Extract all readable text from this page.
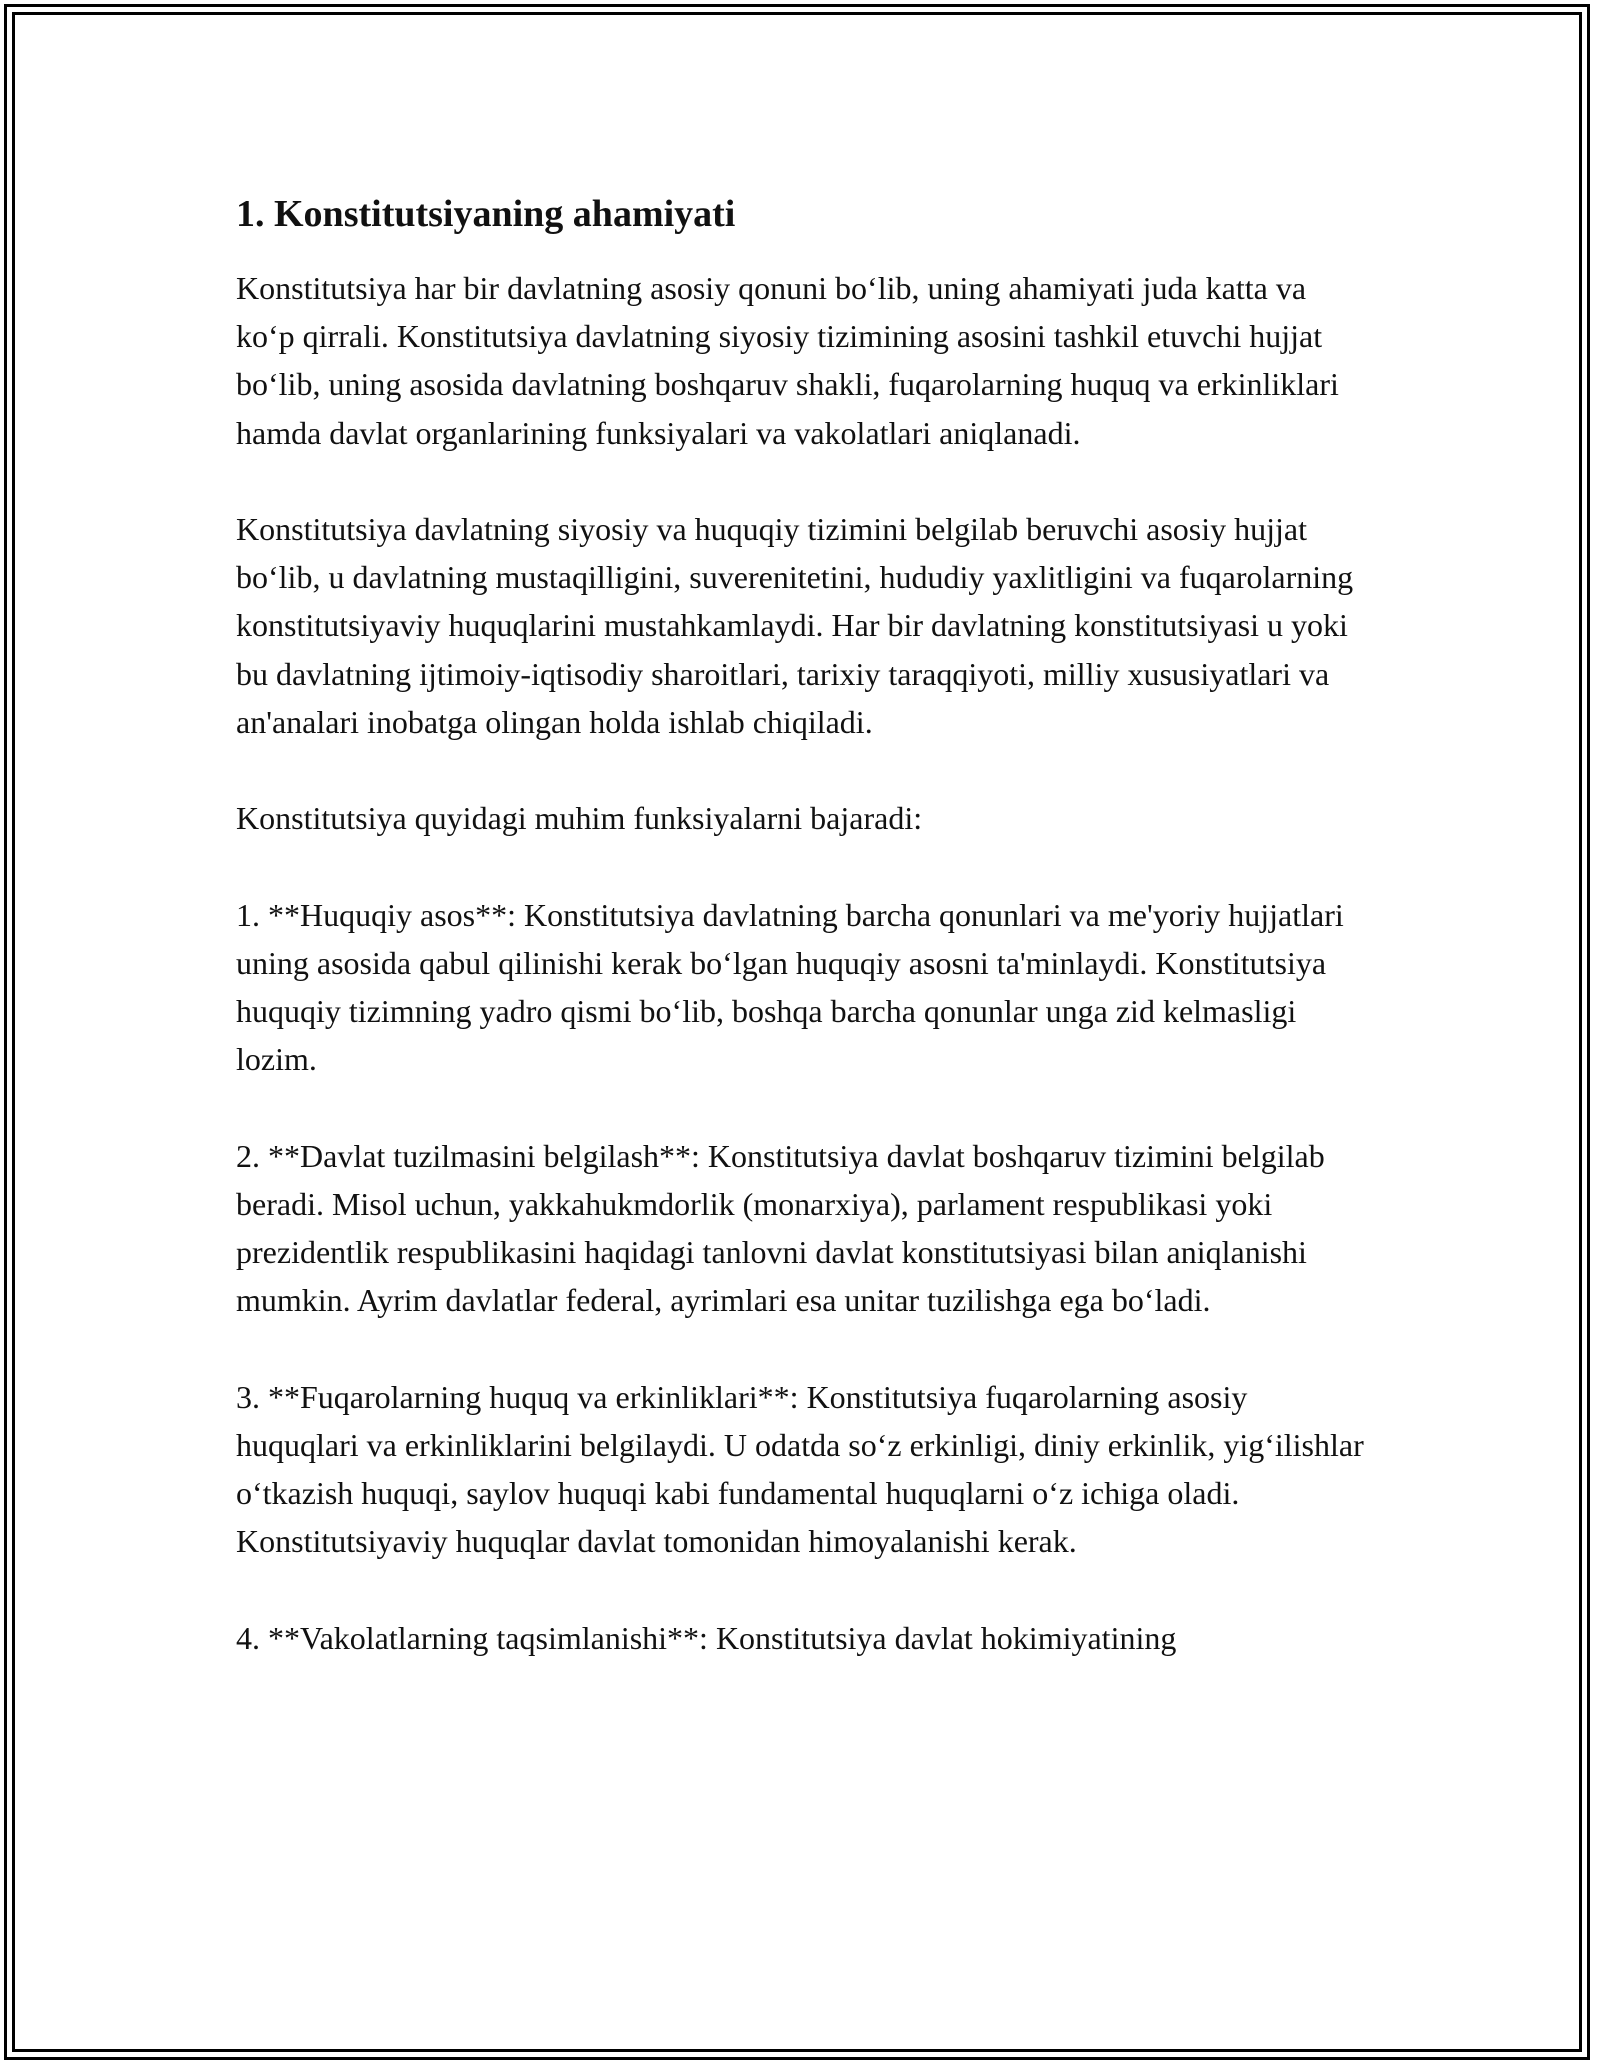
1. Konstitutsiyaning ahamiyati

Konstitutsiya har bir davlatning asosiy qonuni bo‘lib, uning ahamiyati juda katta va ko‘p qirrali. Konstitutsiya davlatning siyosiy tizimining asosini tashkil etuvchi hujjat bo‘lib, uning asosida davlatning boshqaruv shakli, fuqarolarning huquq va erkinliklari hamda davlat organlarining funksiyalari va vakolatlari aniqlanadi.

Konstitutsiya davlatning siyosiy va huquqiy tizimini belgilab beruvchi asosiy hujjat bo‘lib, u davlatning mustaqilligini, suverenitetini, hududiy yaxlitligini va fuqarolarning konstitutsiyaviy huquqlarini mustahkamlaydi. Har bir davlatning konstitutsiyasi u yoki bu davlatning ijtimoiy-iqtisodiy sharoitlari, tarixiy taraqqiyoti, milliy xususiyatlari va an'analari inobatga olingan holda ishlab chiqiladi.

Konstitutsiya quyidagi muhim funksiyalarni bajaradi:

1. **Huquqiy asos**: Konstitutsiya davlatning barcha qonunlari va me'yoriy hujjatlari uning asosida qabul qilinishi kerak bo‘lgan huquqiy asosni ta'minlaydi. Konstitutsiya huquqiy tizimning yadro qismi bo‘lib, boshqa barcha qonunlar unga zid kelmasligi lozim.

2. **Davlat tuzilmasini belgilash**: Konstitutsiya davlat boshqaruv tizimini belgilab beradi. Misol uchun, yakkahukmdorlik (monarxiya), parlament respublikasi yoki prezidentlik respublikasini haqidagi tanlovni davlat konstitutsiyasi bilan aniqlanishi mumkin. Ayrim davlatlar federal, ayrimlari esa unitar tuzilishga ega bo‘ladi.

3. **Fuqarolarning huquq va erkinliklari**: Konstitutsiya fuqarolarning asosiy huquqlari va erkinliklarini belgilaydi. U odatda so‘z erkinligi, diniy erkinlik, yig‘ilishlar o‘tkazish huquqi, saylov huquqi kabi fundamental huquqlarni o‘z ichiga oladi. Konstitutsiyaviy huquqlar davlat tomonidan himoyalanishi kerak.

4. **Vakolatlarning taqsimlanishi**: Konstitutsiya davlat hokimiyatining
